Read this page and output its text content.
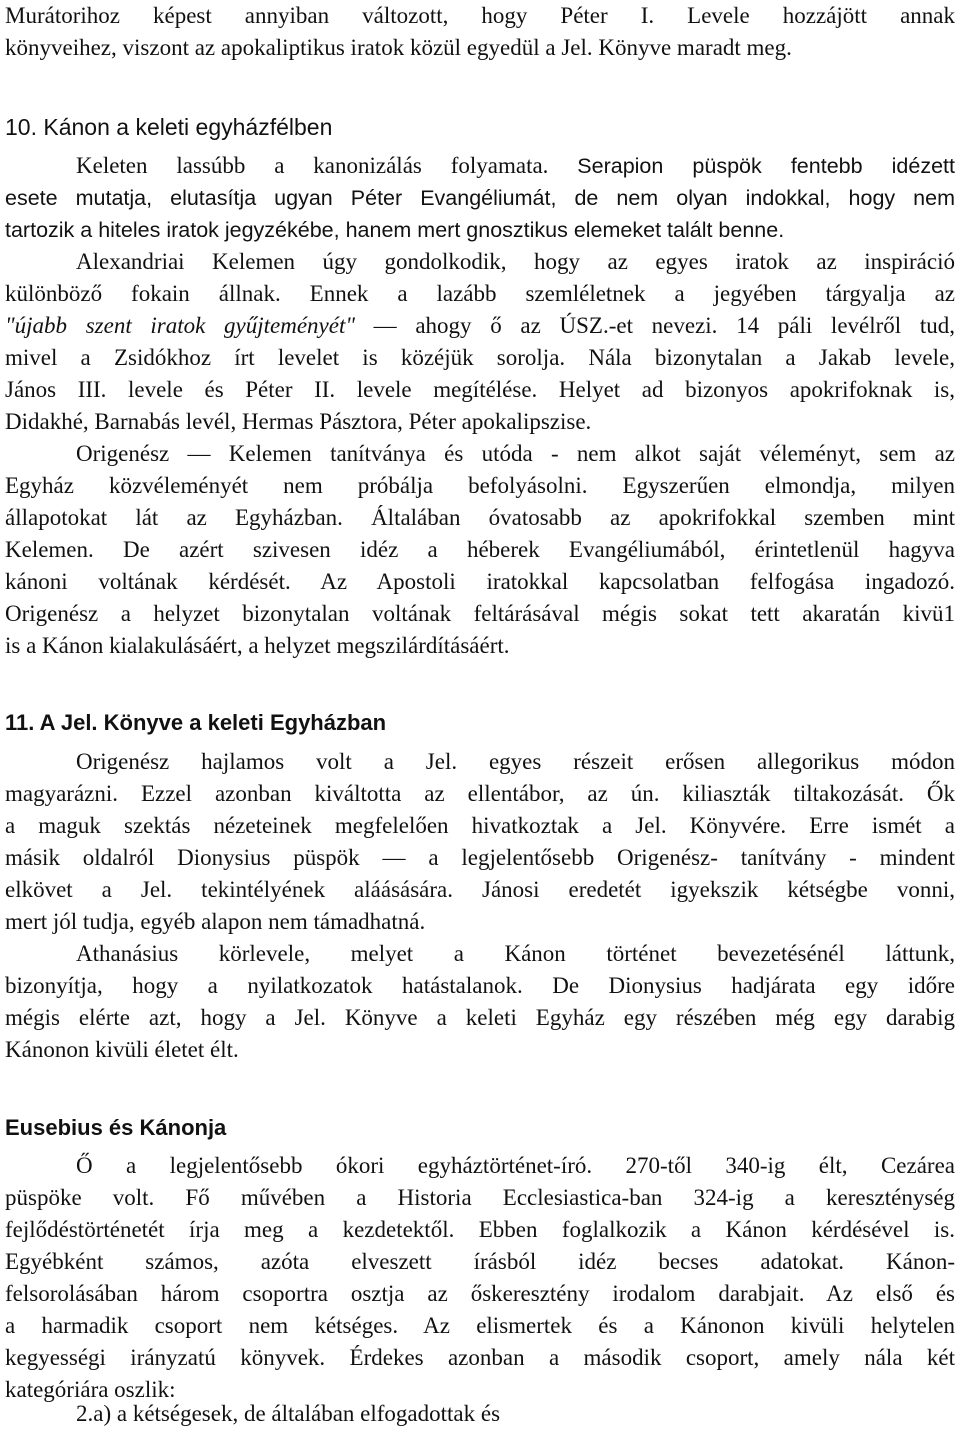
Murátorihoz képest annyiban változott, hogy Péter I. Levele hozzájött annak
könyveihez, viszont az apokaliptikus iratok közül egyedül a Jel. Könyve maradt meg.
10. Kánon a keleti egyházfélben
Keleten lassúbb a kanonizálás folyamata. Serapion püspök fentebb idézett
esete mutatja, elutasítja ugyan Péter Evangéliumát, de nem olyan indokkal, hogy nem
tartozik a hiteles iratok jegyzékébe, hanem mert gnosztikus elemeket talált benne.
Alexandriai Kelemen úgy gondolkodik, hogy az egyes iratok az inspiráció
különböző fokain állnak. Ennek a lazább szemléletnek a jegyében tárgyalja az
"újabb szent iratok gyűjteményét" — ahogy ő az ÚSZ.-et nevezi. 14 páli levélről tud,
mivel a Zsidókhoz írt levelet is közéjük sorolja. Nála bizonytalan a Jakab levele,
János III. levele és Péter II. levele megítélése. Helyet ad bizonyos apokrifoknak is,
Didakhé, Barnabás levél, Hermas Pásztora, Péter apokalipszise.
Origenész — Kelemen tanítványa és utóda - nem alkot saját véleményt, sem az
Egyház közvéleményét nem próbálja befolyásolni. Egyszerűen elmondja, milyen
állapotokat lát az Egyházban. Általában óvatosabb az apokrifokkal szemben mint
Kelemen. De azért szivesen idéz a héberek Evangéliumából, érintetlenül hagyva
kánoni voltának kérdését. Az Apostoli iratokkal kapcsolatban felfogása ingadozó.
Origenész a helyzet bizonytalan voltának feltárásával mégis sokat tett akaratán kivü1
is a Kánon kialakulásáért, a helyzet megszilárdításáért.
11. A Jel. Könyve a keleti Egyházban
Origenész hajlamos volt a Jel. egyes részeit erősen allegorikus módon
magyarázni. Ezzel azonban kiváltotta az ellentábor, az ún. kiliaszták tiltakozását. Ők
a maguk szektás nézeteinek megfelelően hivatkoztak a Jel. Könyvére. Erre ismét a
másik oldalról Dionysius püspök — a legjelentősebb Origenész- tanítvány - mindent
elkövet a Jel. tekintélyének aláásására. Jánosi eredetét igyekszik kétségbe vonni,
mert jól tudja, egyéb alapon nem támadhatná.
Athanásius körlevele, melyet a Kánon történet bevezetésénél láttunk,
bizonyítja, hogy a nyilatkozatok hatástalanok. De Dionysius hadjárata egy időre
mégis elérte azt, hogy a Jel. Könyve a keleti Egyház egy részében még egy darabig
Kánonon kivüli életet élt.
Eusebius és Kánonja
Ő a legjelentősebb ókori egyháztörténet-író. 270-től 340-ig élt, Cezárea
püspöke volt. Fő művében a Historia Ecclesiastica-ban 324-ig a kereszténység
fejlődéstörténetét írja meg a kezdetektől. Ebben foglalkozik a Kánon kérdésével is.
Egyébként számos, azóta elveszett írásból idéz becses adatokat. Kánon-
felsorolásában három csoportra osztja az őskeresztény irodalom darabjait. Az első és
a harmadik csoport nem kétséges. Az elismertek és a Kánonon kivüli helytelen
kegyességi irányzatú könyvek. Érdekes azonban a második csoport, amely nála két
kategóriára oszlik:
2.a) a kétségesek, de általában elfogadottak és
